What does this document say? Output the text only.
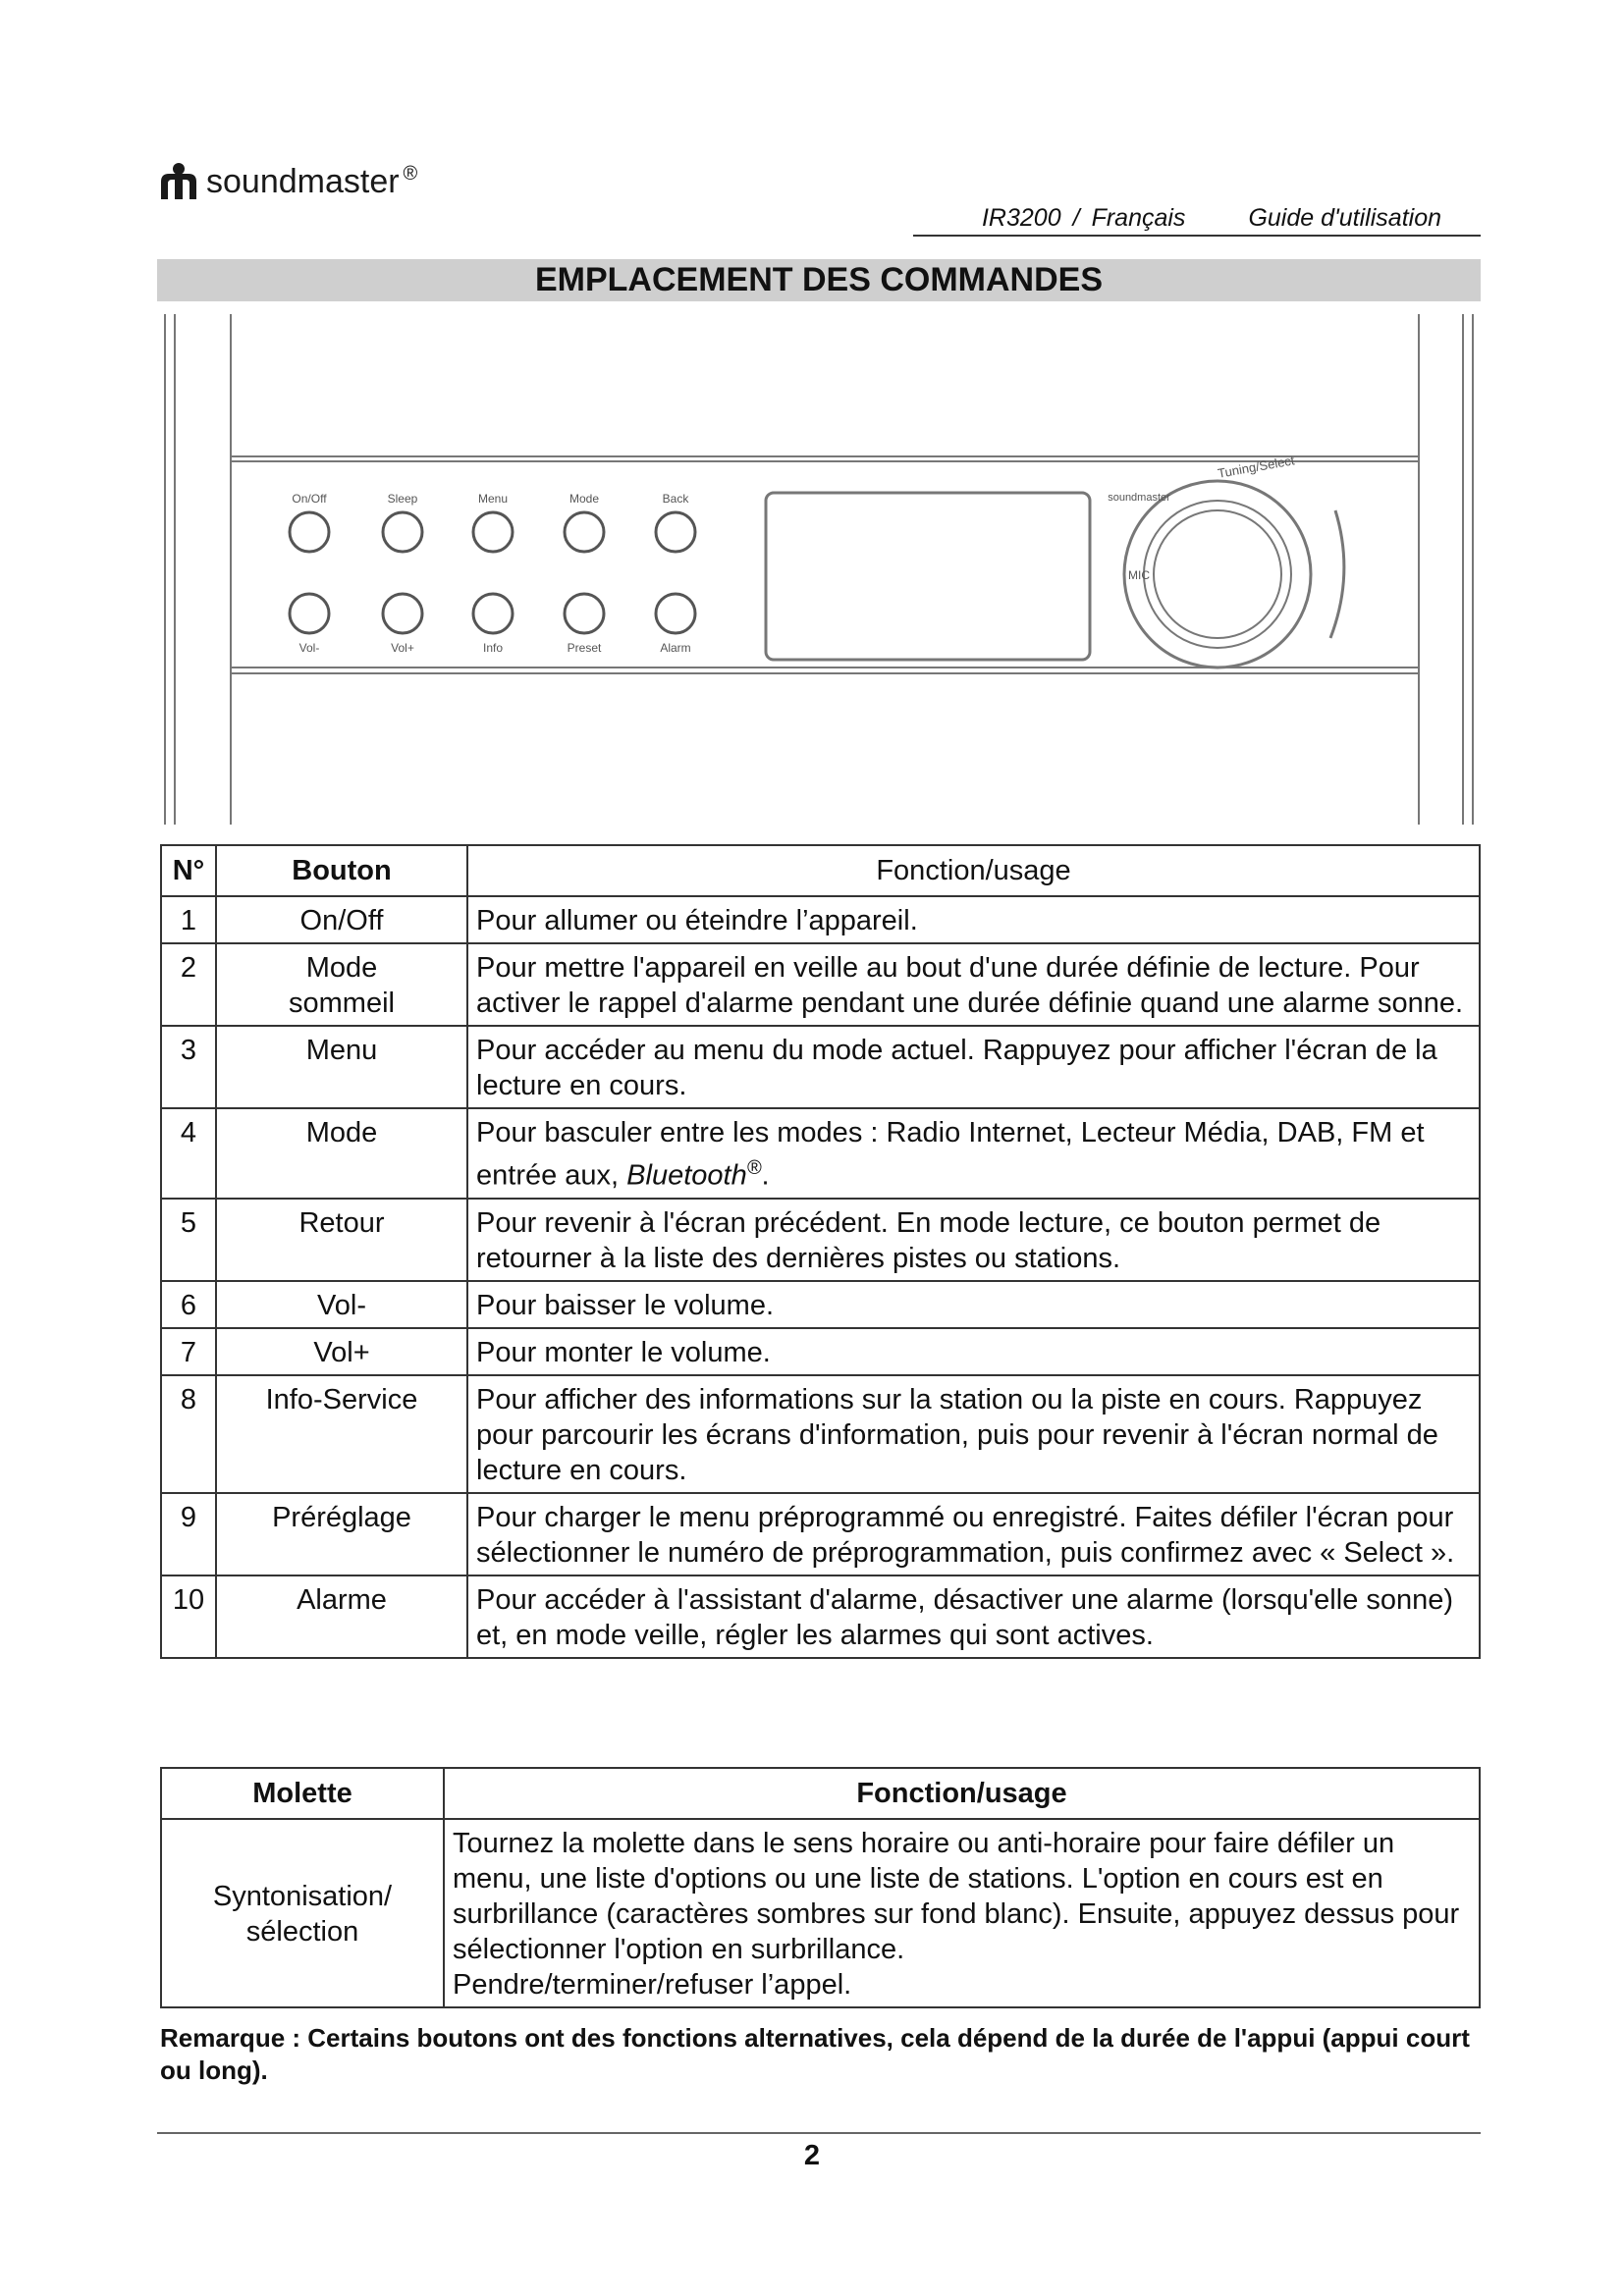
soundmaster ®
IR3200 / Français	Guide d'utilisation
EMPLACEMENT DES COMMANDES
On/Off	Sleep	Menu	Mode	Back
Vol-	Vol+	Info	Preset	Alarm
MIC
soundmaster
Tuning/Select
N°	Bouton	Fonction/usage
1	On/Off	Pour allumer ou éteindre l’appareil.
2	Mode sommeil	Pour mettre l'appareil en veille au bout d'une durée définie de lecture. Pour activer le rappel d'alarme pendant une durée définie quand une alarme sonne.
3	Menu	Pour accéder au menu du mode actuel. Rappuyez pour afficher l'écran de la lecture en cours.
4	Mode	Pour basculer entre les modes : Radio Internet, Lecteur Média, DAB, FM et entrée aux, Bluetooth®.
5	Retour	Pour revenir à l'écran précédent. En mode lecture, ce bouton permet de retourner à la liste des dernières pistes ou stations.
6	Vol-	Pour baisser le volume.
7	Vol+	Pour monter le volume.
8	Info-Service	Pour afficher des informations sur la station ou la piste en cours. Rappuyez pour parcourir les écrans d'information, puis pour revenir à l'écran normal de lecture en cours.
9	Préréglage	Pour charger le menu préprogrammé ou enregistré. Faites défiler l'écran pour sélectionner le numéro de préprogrammation, puis confirmez avec « Select ».
10	Alarme	Pour accéder à l'assistant d'alarme, désactiver une alarme (lorsqu'elle sonne) et, en mode veille, régler les alarmes qui sont actives.
Molette	Fonction/usage
Syntonisation/ sélection	Tournez la molette dans le sens horaire ou anti-horaire pour faire défiler un menu, une liste d'options ou une liste de stations. L'option en cours est en surbrillance (caractères sombres sur fond blanc). Ensuite, appuyez dessus pour sélectionner l'option en surbrillance.
Pendre/terminer/refuser l’appel.
Remarque : Certains boutons ont des fonctions alternatives, cela dépend de la durée de l'appui (appui court ou long).
2
